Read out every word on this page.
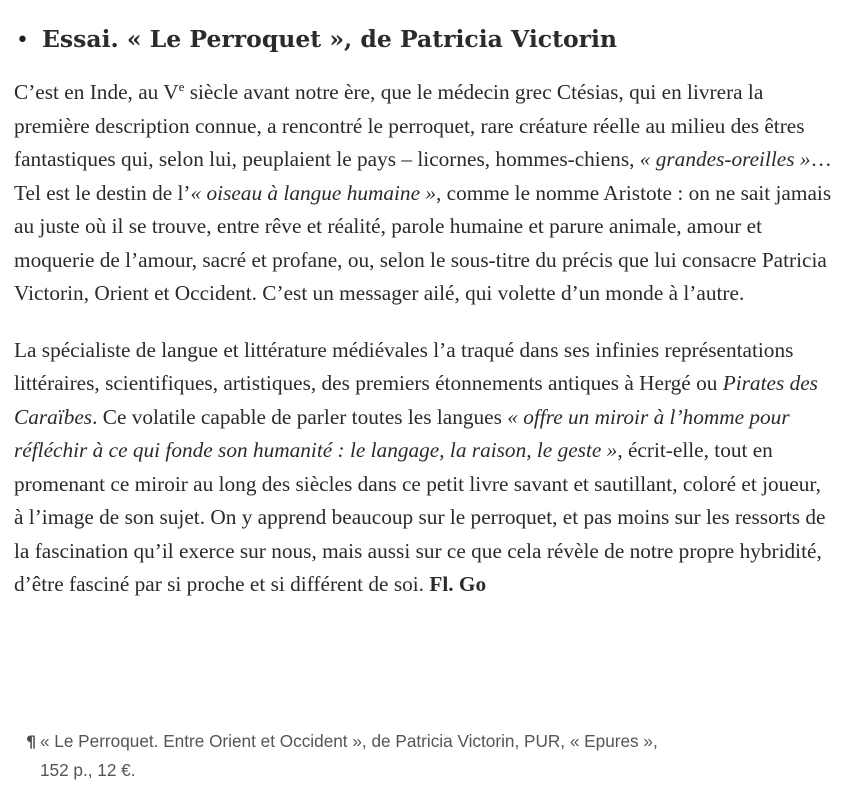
• Essai. « Le Perroquet », de Patricia Victorin

C’est en Inde, au Ve siècle avant notre ère, que le médecin grec Ctésias, qui en livrera la première description connue, a rencontré le perroquet, rare créature réelle au milieu des êtres fantastiques qui, selon lui, peuplaient le pays – licornes, hommes-chiens, « grandes-oreilles »… Tel est le destin de l’« oiseau à langue humaine », comme le nomme Aristote : on ne sait jamais au juste où il se trouve, entre rêve et réalité, parole humaine et parure animale, amour et moquerie de l’amour, sacré et profane, ou, selon le sous-titre du précis que lui consacre Patricia Victorin, Orient et Occident. C’est un messager ailé, qui volette d’un monde à l’autre.

La spécialiste de langue et littérature médiévales l’a traqué dans ses infinies représentations littéraires, scientifiques, artistiques, des premiers étonnements antiques à Hergé ou Pirates des Caraïbes. Ce volatile capable de parler toutes les langues « offre un miroir à l’homme pour réfléchir à ce qui fonde son humanité : le langage, la raison, le geste », écrit-elle, tout en promenant ce miroir au long des siècles dans ce petit livre savant et sautillant, coloré et joueur, à l’image de son sujet. On y apprend beaucoup sur le perroquet, et pas moins sur les ressorts de la fascination qu’il exerce sur nous, mais aussi sur ce que cela révèle de notre propre hybridité, d’être fasciné par si proche et si différent de soi. Fl. Go

¶ « Le Perroquet. Entre Orient et Occident », de Patricia Victorin, PUR, « Epures », 152 p., 12 €.
